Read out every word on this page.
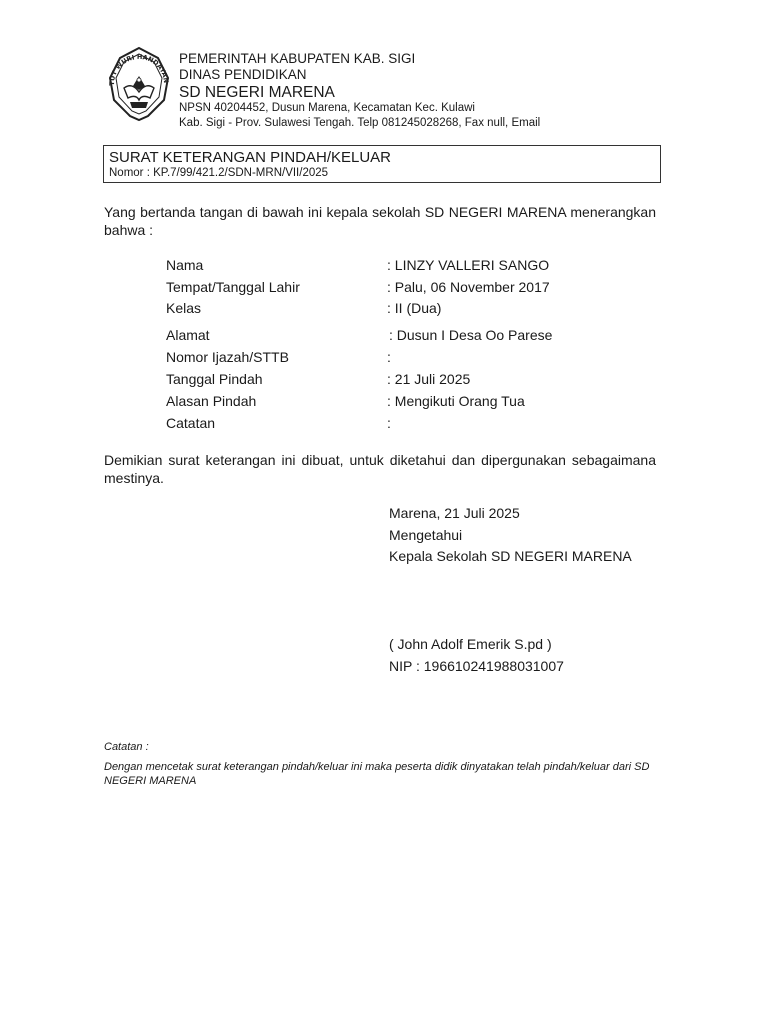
TUT WURI HANDAYAN
PEMERINTAH KABUPATEN KAB. SIGI
DINAS PENDIDIKAN
SD NEGERI MARENA
NPSN 40204452, Dusun Marena, Kecamatan Kec. Kulawi
Kab. Sigi - Prov. Sulawesi Tengah. Telp 081245028268, Fax null, Email
SURAT KETERANGAN PINDAH/KELUAR
Nomor : KP.7/99/421.2/SDN-MRN/VII/2025
Yang bertanda tangan di bawah ini kepala sekolah SD NEGERI MARENA menerangkan bahwa :
Nama	: LINZY VALLERI SANGO
Tempat/Tanggal Lahir	: Palu, 06 November 2017
Kelas	: II (Dua)
Alamat	: Dusun I Desa Oo Parese
Nomor Ijazah/STTB	:
Tanggal Pindah	: 21 Juli 2025
Alasan Pindah	: Mengikuti Orang Tua
Catatan	:
Demikian surat keterangan ini dibuat, untuk diketahui dan dipergunakan sebagaimana mestinya.
Marena, 21 Juli 2025
Mengetahui
Kepala Sekolah SD NEGERI MARENA
( John Adolf Emerik S.pd )
NIP : 196610241988031007
Catatan :
Dengan mencetak surat keterangan pindah/keluar ini maka peserta didik dinyatakan telah pindah/keluar dari SD NEGERI MARENA
